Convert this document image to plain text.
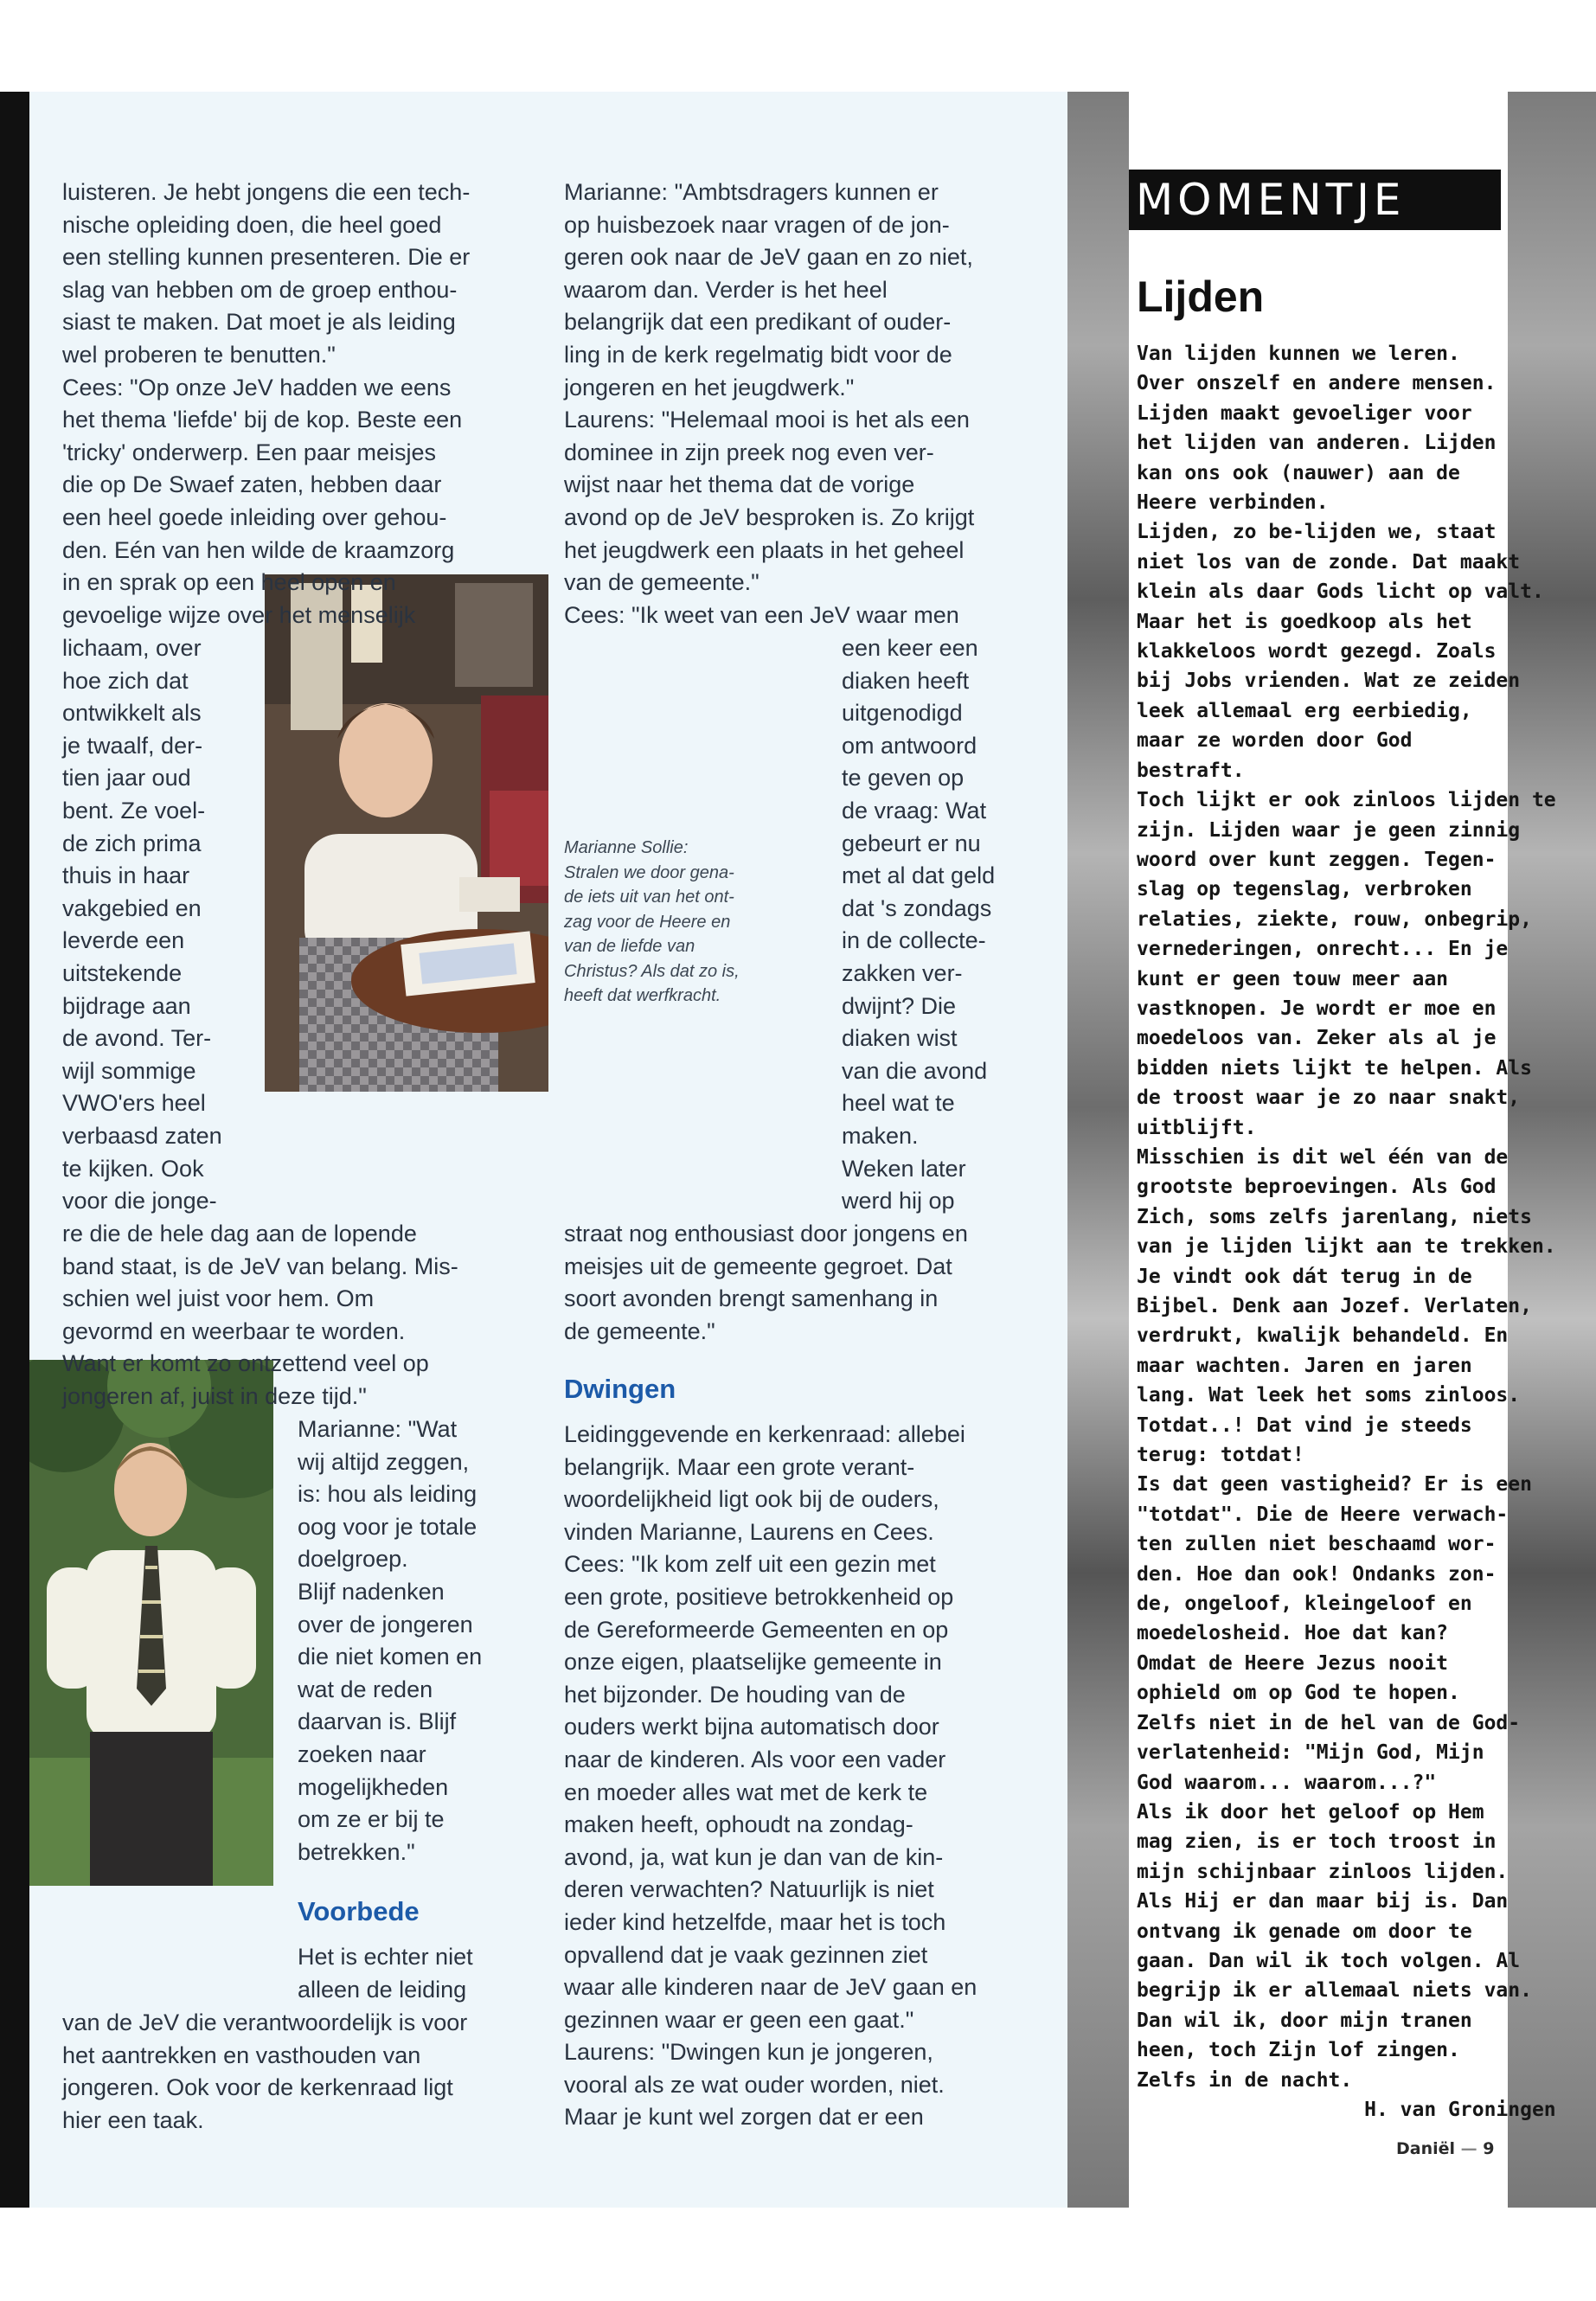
luisteren. Je hebt jongens die een tech-
nische opleiding doen, die heel goed
een stelling kunnen presenteren. Die er
slag van hebben om de groep enthou-
siast te maken. Dat moet je als leiding
wel proberen te benutten."
Cees: "Op onze JeV hadden we eens
het thema 'liefde' bij de kop. Beste een
'tricky' onderwerp. Een paar meisjes
die op De Swaef zaten, hebben daar
een heel goede inleiding over gehou-
den. Eén van hen wilde de kraamzorg
in en sprak op een heel open en
gevoelige wijze over het menselijk
lichaam, over
hoe zich dat
ontwikkelt als
je twaalf, der-
tien jaar oud
bent. Ze voel-
de zich prima
thuis in haar
vakgebied en
leverde een
uitstekende
bijdrage aan
de avond. Ter-
wijl sommige
VWO'ers heel
verbaasd zaten
te kijken. Ook
voor die jonge-
re die de hele dag aan de lopende
band staat, is de JeV van belang. Mis-
schien wel juist voor hem. Om
gevormd en weerbaar te worden.
Want er komt zo ontzettend veel op
jongeren af, juist in deze tijd."
Marianne: "Wat
wij altijd zeggen,
is: hou als leiding
oog voor je totale
doelgroep.
Blijf nadenken
over de jongeren
die niet komen en
wat de reden
daarvan is. Blijf
zoeken naar
mogelijkheden
om ze er bij te
betrekken."
Voorbede
Het is echter niet
alleen de leiding
van de JeV die verantwoordelijk is voor
het aantrekken en vasthouden van
jongeren. Ook voor de kerkenraad ligt
hier een taak.
Marianne: "Ambtsdragers kunnen er
op huisbezoek naar vragen of de jon-
geren ook naar de JeV gaan en zo niet,
waarom dan. Verder is het heel
belangrijk dat een predikant of ouder-
ling in de kerk regelmatig bidt voor de
jongeren en het jeugdwerk."
Laurens: "Helemaal mooi is het als een
dominee in zijn preek nog even ver-
wijst naar het thema dat de vorige
avond op de JeV besproken is. Zo krijgt
het jeugdwerk een plaats in het geheel
van de gemeente."
Cees: "Ik weet van een JeV waar men
een keer een
diaken heeft
uitgenodigd
om antwoord
te geven op
de vraag: Wat
gebeurt er nu
met al dat geld
dat 's zondags
in de collecte-
zakken ver-
dwijnt? Die
diaken wist
van die avond
heel wat te
maken.
Weken later
werd hij op
Marianne Sollie:
Stralen we door gena-
de iets uit van het ont-
zag voor de Heere en
van de liefde van
Christus? Als dat zo is,
heeft dat werfkracht.
straat nog enthousiast door jongens en
meisjes uit de gemeente gegroet. Dat
soort avonden brengt samenhang in
de gemeente."
Dwingen
Leidinggevende en kerkenraad: allebei
belangrijk. Maar een grote verant-
woordelijkheid ligt ook bij de ouders,
vinden Marianne, Laurens en Cees.
Cees: "Ik kom zelf uit een gezin met
een grote, positieve betrokkenheid op
de Gereformeerde Gemeenten en op
onze eigen, plaatselijke gemeente in
het bijzonder. De houding van de
ouders werkt bijna automatisch door
naar de kinderen. Als voor een vader
en moeder alles wat met de kerk te
maken heeft, ophoudt na zondag-
avond, ja, wat kun je dan van de kin-
deren verwachten? Natuurlijk is niet
ieder kind hetzelfde, maar het is toch
opvallend dat je vaak gezinnen ziet
waar alle kinderen naar de JeV gaan en
gezinnen waar er geen een gaat."
Laurens: "Dwingen kun je jongeren,
vooral als ze wat ouder worden, niet.
Maar je kunt wel zorgen dat er een
MOMENTJE
Lijden
Van lijden kunnen we leren.
Over onszelf en andere mensen.
Lijden maakt gevoeliger voor
het lijden van anderen. Lijden
kan ons ook (nauwer) aan de
Heere verbinden.
Lijden, zo be-lijden we, staat
niet los van de zonde. Dat maakt
klein als daar Gods licht op valt.
Maar het is goedkoop als het
klakkeloos wordt gezegd. Zoals
bij Jobs vrienden. Wat ze zeiden
leek allemaal erg eerbiedig,
maar ze worden door God
bestraft.
Toch lijkt er ook zinloos lijden te
zijn. Lijden waar je geen zinnig
woord over kunt zeggen. Tegen-
slag op tegenslag, verbroken
relaties, ziekte, rouw, onbegrip,
vernederingen, onrecht... En je
kunt er geen touw meer aan
vastknopen. Je wordt er moe en
moedeloos van. Zeker als al je
bidden niets lijkt te helpen. Als
de troost waar je zo naar snakt,
uitblijft.
Misschien is dit wel één van de
grootste beproevingen. Als God
Zich, soms zelfs jarenlang, niets
van je lijden lijkt aan te trekken.
Je vindt ook dát terug in de
Bijbel. Denk aan Jozef. Verlaten,
verdrukt, kwalijk behandeld. En
maar wachten. Jaren en jaren
lang. Wat leek het soms zinloos.
Totdat..! Dat vind je steeds
terug: totdat!
Is dat geen vastigheid? Er is een
"totdat". Die de Heere verwach-
ten zullen niet beschaamd wor-
den. Hoe dan ook! Ondanks zon-
de, ongeloof, kleingeloof en
moedelosheid. Hoe dat kan?
Omdat de Heere Jezus nooit
ophield om op God te hopen.
Zelfs niet in de hel van de God-
verlatenheid: "Mijn God, Mijn
God waarom... waarom...?"
Als ik door het geloof op Hem
mag zien, is er toch troost in
mijn schijnbaar zinloos lijden.
Als Hij er dan maar bij is. Dan
ontvang ik genade om door te
gaan. Dan wil ik toch volgen. Al
begrijp ik er allemaal niets van.
Dan wil ik, door mijn tranen
heen, toch Zijn lof zingen.
Zelfs in de nacht.
H. van Groningen
Daniël — 9
